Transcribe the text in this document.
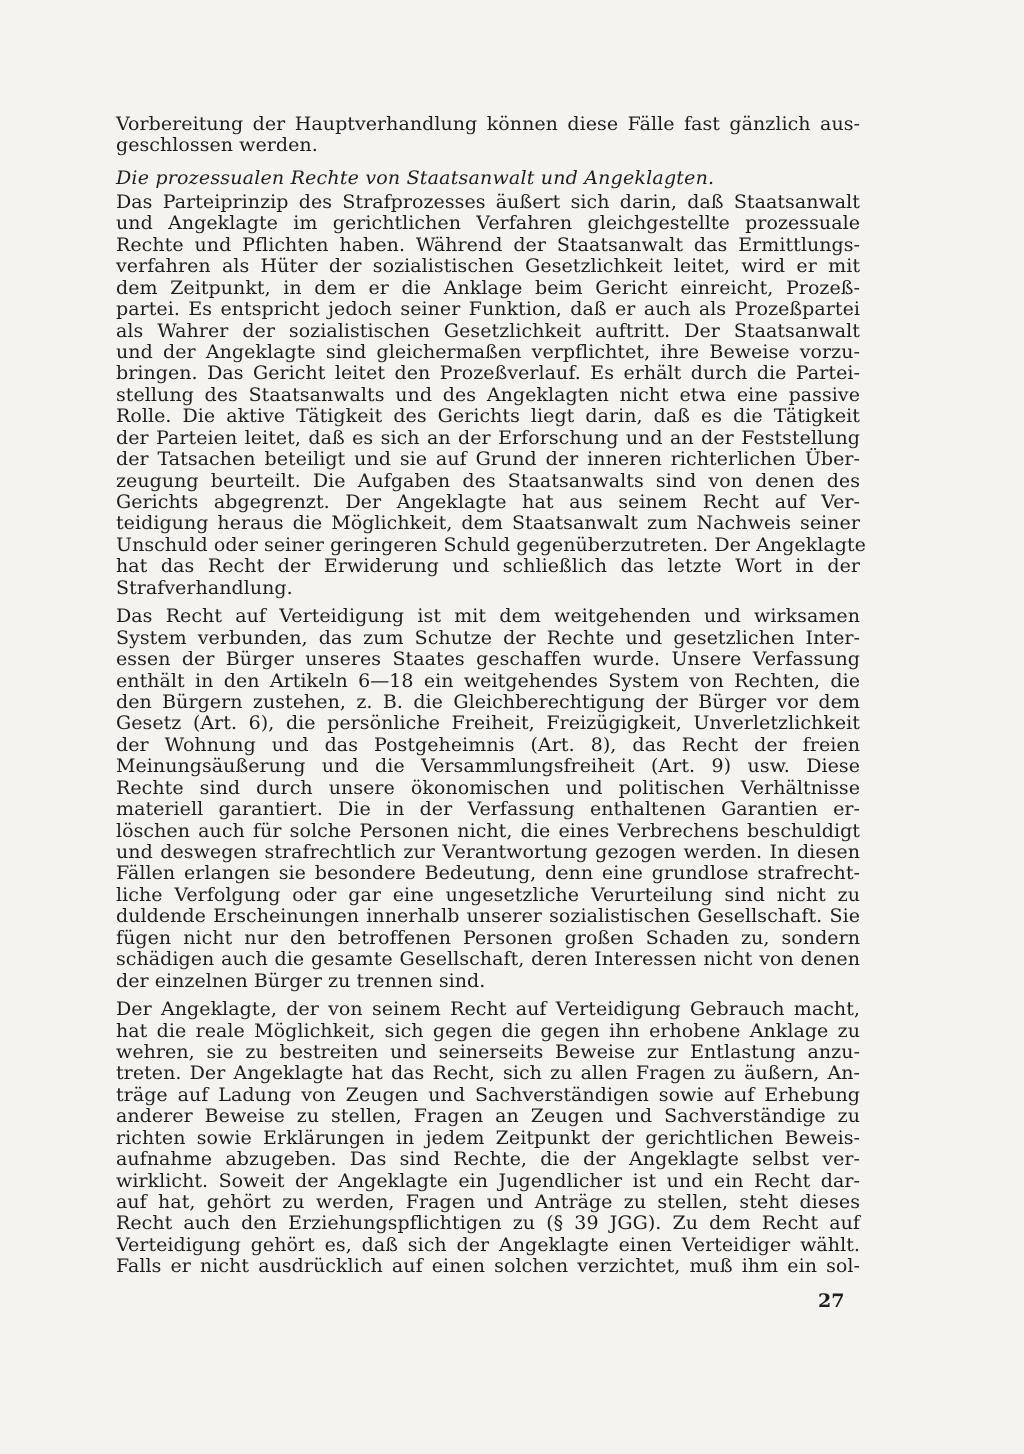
Vorbereitung der Hauptverhandlung können diese Fälle fast gänzlich aus-
geschlossen werden.
Die prozessualen Rechte von Staatsanwalt und Angeklagten.
Das Parteiprinzip des Strafprozesses äußert sich darin, daß Staatsanwalt
und Angeklagte im gerichtlichen Verfahren gleichgestellte prozessuale
Rechte und Pflichten haben. Während der Staatsanwalt das Ermittlungs-
verfahren als Hüter der sozialistischen Gesetzlichkeit leitet, wird er mit
dem Zeitpunkt, in dem er die Anklage beim Gericht einreicht, Prozeß-
partei. Es entspricht jedoch seiner Funktion, daß er auch als Prozeßpartei
als Wahrer der sozialistischen Gesetzlichkeit auftritt. Der Staatsanwalt
und der Angeklagte sind gleichermaßen verpflichtet, ihre Beweise vorzu-
bringen. Das Gericht leitet den Prozeßverlauf. Es erhält durch die Partei-
stellung des Staatsanwalts und des Angeklagten nicht etwa eine passive
Rolle. Die aktive Tätigkeit des Gerichts liegt darin, daß es die Tätigkeit
der Parteien leitet, daß es sich an der Erforschung und an der Feststellung
der Tatsachen beteiligt und sie auf Grund der inneren richterlichen Über-
zeugung beurteilt. Die Aufgaben des Staatsanwalts sind von denen des
Gerichts abgegrenzt. Der Angeklagte hat aus seinem Recht auf Ver-
teidigung heraus die Möglichkeit, dem Staatsanwalt zum Nachweis seiner
Unschuld oder seiner geringeren Schuld gegenüberzutreten. Der Angeklagte
hat das Recht der Erwiderung und schließlich das letzte Wort in der
Strafverhandlung.
Das Recht auf Verteidigung ist mit dem weitgehenden und wirksamen
System verbunden, das zum Schutze der Rechte und gesetzlichen Inter-
essen der Bürger unseres Staates geschaffen wurde. Unsere Verfassung
enthält in den Artikeln 6—18 ein weitgehendes System von Rechten, die
den Bürgern zustehen, z. B. die Gleichberechtigung der Bürger vor dem
Gesetz (Art. 6), die persönliche Freiheit, Freizügigkeit, Unverletzlichkeit
der Wohnung und das Postgeheimnis (Art. 8), das Recht der freien
Meinungsäußerung und die Versammlungsfreiheit (Art. 9) usw. Diese
Rechte sind durch unsere ökonomischen und politischen Verhältnisse
materiell garantiert. Die in der Verfassung enthaltenen Garantien er-
löschen auch für solche Personen nicht, die eines Verbrechens beschuldigt
und deswegen strafrechtlich zur Verantwortung gezogen werden. In diesen
Fällen erlangen sie besondere Bedeutung, denn eine grundlose strafrecht-
liche Verfolgung oder gar eine ungesetzliche Verurteilung sind nicht zu
duldende Erscheinungen innerhalb unserer sozialistischen Gesellschaft. Sie
fügen nicht nur den betroffenen Personen großen Schaden zu, sondern
schädigen auch die gesamte Gesellschaft, deren Interessen nicht von denen
der einzelnen Bürger zu trennen sind.
Der Angeklagte, der von seinem Recht auf Verteidigung Gebrauch macht,
hat die reale Möglichkeit, sich gegen die gegen ihn erhobene Anklage zu
wehren, sie zu bestreiten und seinerseits Beweise zur Entlastung anzu-
treten. Der Angeklagte hat das Recht, sich zu allen Fragen zu äußern, An-
träge auf Ladung von Zeugen und Sachverständigen sowie auf Erhebung
anderer Beweise zu stellen, Fragen an Zeugen und Sachverständige zu
richten sowie Erklärungen in jedem Zeitpunkt der gerichtlichen Beweis-
aufnahme abzugeben. Das sind Rechte, die der Angeklagte selbst ver-
wirklicht. Soweit der Angeklagte ein Jugendlicher ist und ein Recht dar-
auf hat, gehört zu werden, Fragen und Anträge zu stellen, steht dieses
Recht auch den Erziehungspflichtigen zu (§ 39 JGG). Zu dem Recht auf
Verteidigung gehört es, daß sich der Angeklagte einen Verteidiger wählt.
Falls er nicht ausdrücklich auf einen solchen verzichtet, muß ihm ein sol-
27
